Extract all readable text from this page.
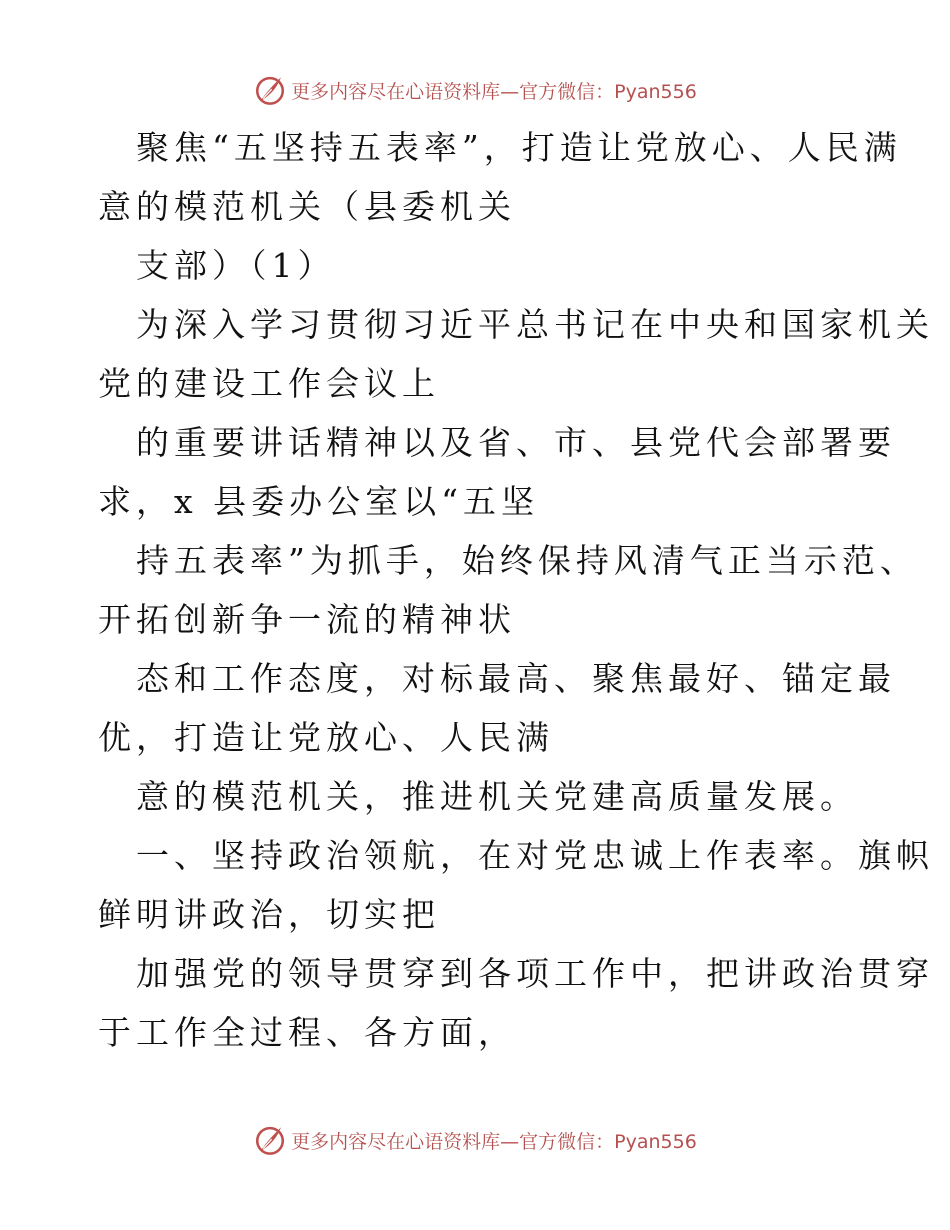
更多内容尽在心语资料库—官方微信：Pyan556
聚焦“五坚持五表率”，打造让党放心、人民满
意的模范机关（县委机关
支部）（1）
为深入学习贯彻习近平总书记在中央和国家机关
党的建设工作会议上
的重要讲话精神以及省、市、县党代会部署要
求，x 县委办公室以“五坚
持五表率”为抓手，始终保持风清气正当示范、
开拓创新争一流的精神状
态和工作态度，对标最高、聚焦最好、锚定最
优，打造让党放心、人民满
意的模范机关，推进机关党建高质量发展。
一、坚持政治领航，在对党忠诚上作表率。旗帜
鲜明讲政治，切实把
加强党的领导贯穿到各项工作中，把讲政治贯穿
于工作全过程、各方面，
更多内容尽在心语资料库—官方微信：Pyan556
